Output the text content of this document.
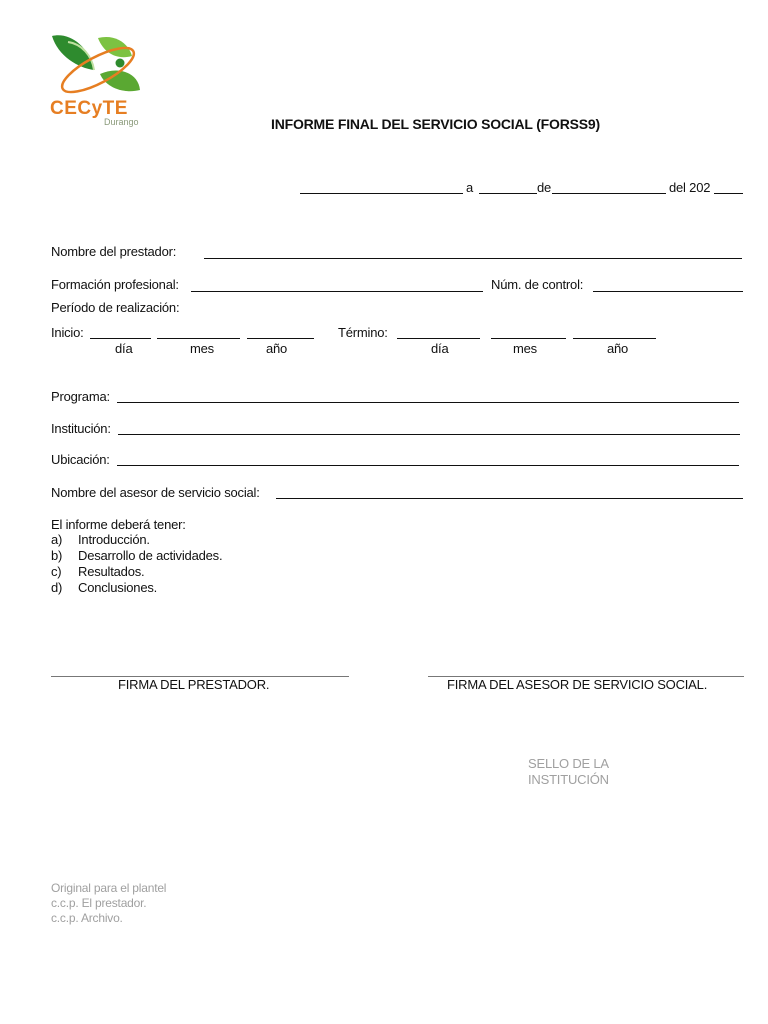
CECyTE
Durango	INFORME FINAL DEL SERVICIO SOCIAL (FORSS9)
a	de	del 202
Nombre del prestador:
Formación profesional:	Núm. de control:
Período de realización:
Inicio:
día	mes	año
Término:
día	mes	año
Programa:
Institución:
Ubicación:
Nombre del asesor de servicio social:
El informe deberá tener:
a) Introducción.
b) Desarrollo de actividades.
c) Resultados.
d) Conclusiones.
FIRMA DEL PRESTADOR.	FIRMA DEL ASESOR DE SERVICIO SOCIAL.
SELLO DE LA
INSTITUCIÓN
Original para el plantel
c.c.p. El prestador.
c.c.p. Archivo.
